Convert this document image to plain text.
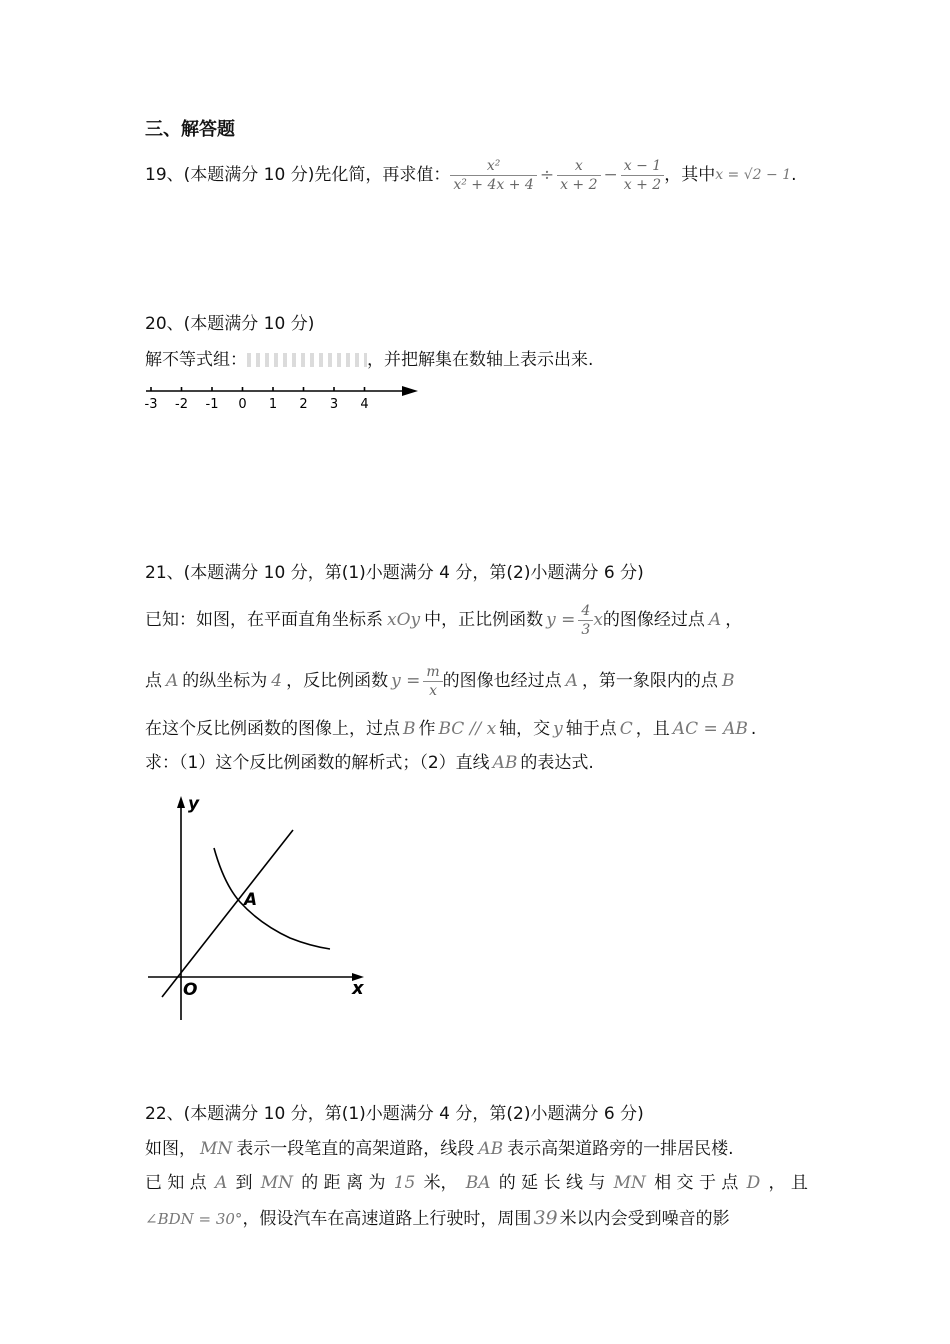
三、解答题
19、(本题满分 10 分)先化简，再求值： $\frac{\text{x²}}{\text{x² + 4x + 4}} \div \frac{x}{x + 2} - \frac{x - 1}{x + 2}$ ，其中 x = √2 − 1 .
20、(本题满分 10 分)
解不等式组：	，并把解集在数轴上表示出来.
-3 -2 -1 0 1 2 3 4
21、(本题满分 10 分，第(1)小题满分 4 分，第(2)小题满分 6 分)
已知：如图，在平面直角坐标系 xOy 中，正比例函数 $y = \frac{4}{3}$ x 的图像经过点 A ，
点 A 的纵坐标为 4 ，反比例函数 $y = \frac{m}{x}$ 的图像也经过点 A ，第一象限内的点 B
在这个反比例函数的图像上，过点 B 作 BC // x 轴，交 y 轴于点 C ，且 AC = AB .
求：（1）这个反比例函数的解析式；（2）直线 AB 的表达式.
y
x
O
A
22、(本题满分 10 分，第(1)小题满分 4 分，第(2)小题满分 6 分)
如图， MN 表示一段笔直的高架道路，线段 AB 表示高架道路旁的一排居民楼.
已 知 点 A 到 MN 的 距 离 为 15 米， BA 的 延 长 线 与 MN 相 交 于 点 D ， 且
∠BDN = 30°，假设汽车在高速道路上行驶时，周围 39 米以内会受到噪音的影
